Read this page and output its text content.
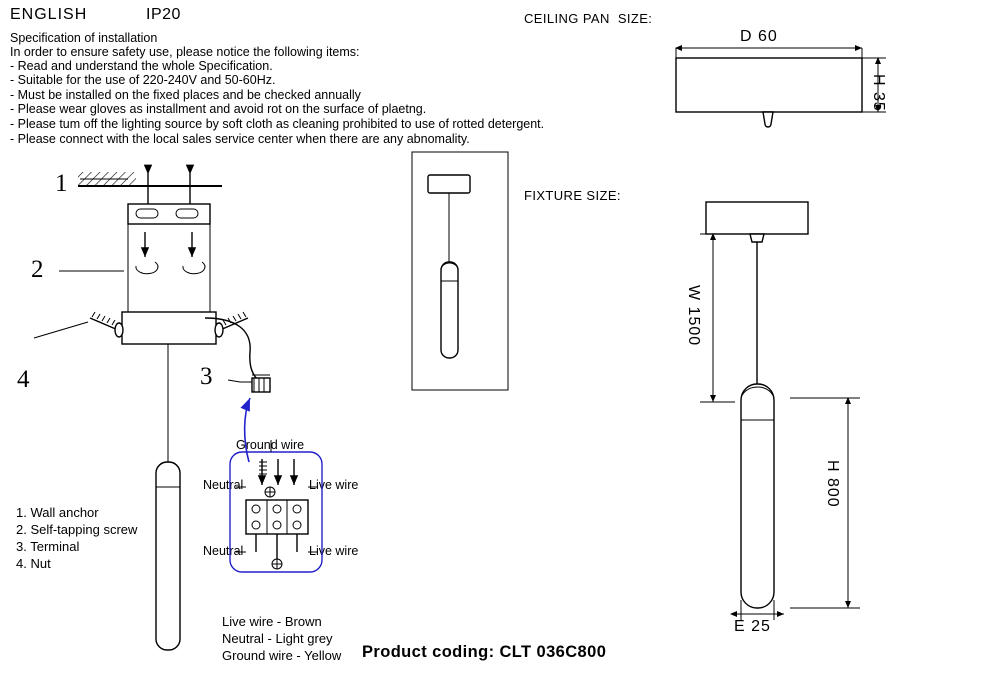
ENGLISH	IP20
Specification of installation
In order to ensure safety use, please notice the following items:
- Read and understand the whole Specification.
- Suitable for the use of 220-240V and 50-60Hz.
- Must be installed on the fixed places and be checked annually
- Please wear gloves as installment and avoid rot on the surface of plaetng.
- Please tum off the lighting source by soft cloth as cleaning prohibited to use of rotted detergent.
- Please connect with the local sales service center when there are any abnomality.
CEILING PAN  SIZE:
FIXTURE SIZE:
Product coding: CLT 036C800
1
2
3
4
1. Wall anchor
2. Self-tapping screw
3. Terminal
4. Nut
Ground wire
Neutral	Live wire
Neutral	Live wire
Live wire - Brown
Neutral - Light grey
Ground wire - Yellow
D 60
H 35
W 1500
H 800
E 25
